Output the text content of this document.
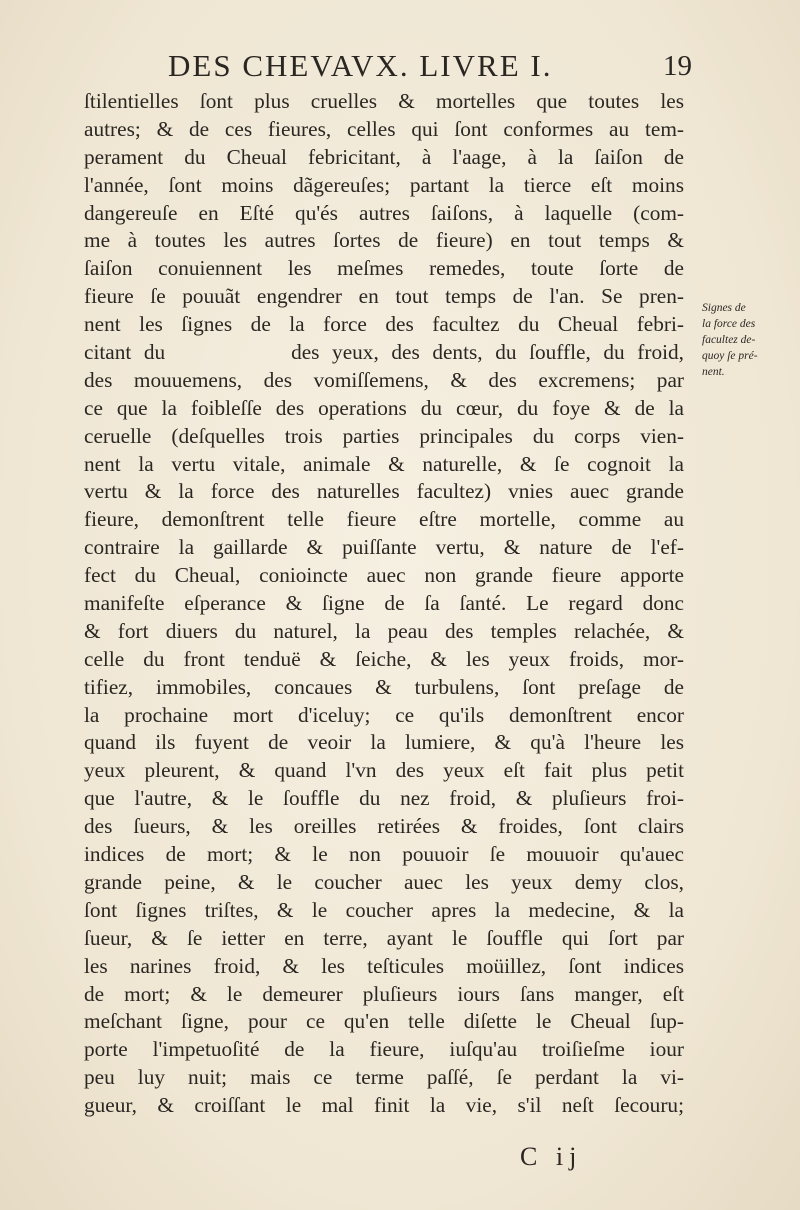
DES CHEVAVX. LIVRE I.	19
ſtilentielles ſont plus cruelles & mortelles que toutes les
autres; & de ces fieures, celles qui ſont conformes au tem-
perament du Cheual febricitant, à l'aage, à la ſaiſon de
l'année, ſont moins dãgereuſes; partant la tierce eſt moins
dangereuſe en Eſté qu'és autres ſaiſons, à laquelle (com-
me à toutes les autres ſortes de fieure) en tout temps &
ſaiſon conuiennent les meſmes remedes, toute ſorte de
fieure ſe pouuãt engendrer en tout temps de l'an. Se pren-
nent les ſignes de la force des facultez du Cheual febri-
citant du          des yeux, des dents, du ſouffle, du froid,
des mouuemens, des vomiſſemens, & des excremens; par
ce que la foibleſſe des operations du cœur, du foye & de la
ceruelle (deſquelles trois parties principales du corps vien-
nent la vertu vitale, animale & naturelle, & ſe cognoit la
vertu & la force des naturelles facultez) vnies auec grande
fieure, demonſtrent telle fieure eſtre mortelle, comme au
contraire la gaillarde & puiſſante vertu, & nature de l'ef-
fect du Cheual, conioincte auec non grande fieure apporte
manifeſte eſperance & ſigne de ſa ſanté. Le regard donc
& fort diuers du naturel, la peau des temples relachée, &
celle du front tenduë & ſeiche, & les yeux froids, mor-
tifiez, immobiles, concaues & turbulens, ſont preſage de
la prochaine mort d'iceluy; ce qu'ils demonſtrent encor
quand ils fuyent de veoir la lumiere, & qu'à l'heure les
yeux pleurent, & quand l'vn des yeux eſt fait plus petit
que l'autre, & le ſouffle du nez froid, & pluſieurs froi-
des ſueurs, & les oreilles retirées & froides, ſont clairs
indices de mort; & le non pouuoir ſe mouuoir qu'auec
grande peine, & le coucher auec les yeux demy clos,
ſont ſignes triſtes, & le coucher apres la medecine, & la
ſueur, & ſe ietter en terre, ayant le ſouffle qui ſort par
les narines froid, & les teſticules moüillez, ſont indices
de mort; & le demeurer pluſieurs iours ſans manger, eſt
meſchant ſigne, pour ce qu'en telle diſette le Cheual ſup-
porte l'impetuoſité de la fieure, iuſqu'au troiſieſme iour
peu luy nuit; mais ce terme paſſé, ſe perdant la vi-
gueur, & croiſſant le mal finit la vie, s'il neſt ſecouru;
Signes de
la force des
facultez de-
quoy ſe pré-
nent.
C ij
